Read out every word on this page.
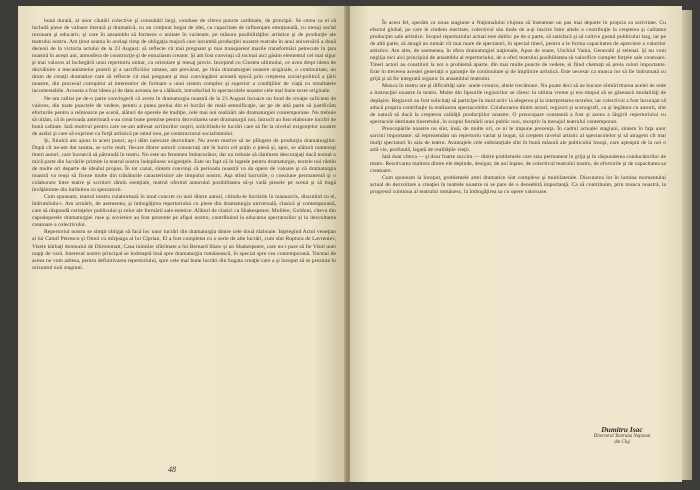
bunǎ durată, al unor căutări colective şi consultări largi, conduse de citeva puncte cardinale, de principii. Se cerea ca el să includă piese de valoare literară şi dramatică, cu un conţinut bogat de idei, cu capacitate de influenţare emoţională, cu mesaj social rezonant şi educativ, şi care în ansamblu să formeze o unitate în varietate, pe măsura posibilităţilor artistice şi de producţie ale teatrului nostru. Am ţinut seama în acelaşi timp de obligaţia majoră care incumbă producţiei noastre teatrale în anul aniversării a două decenii de la victoria actului de la 23 August: să reflecte cit mai pregnant şi mai transparent marile transformări petrecute în ţara noastră în aceşti ani, atmosfera de construcţie şi de entuziasm creator. Şi am fost convinşi că tocmai aici găsim elementul cel mai sigur şi mai valoros al închegării unui repertoriu unitar, cu orientare şi mesaj precis. Incepind cu Cinstea ultimului, ce avea drept ideea de dezvăluire a mecanismelor puterii şi a sacrificiilor umane, am prevăzut, pe linia dramaturgiei noastre originale, o continuitate, un drum de creaţii dramatice care să reflecte cit mai pregnant şi mai convingător această epocă prin creşterea social-politică a ţării noastre, din procesul cotropitor al intereselor de formare a unui sistem complex şi superior a condiţiilor de viaţă cu rezultatele incontestabile. Aceasta a fost ideea şi de data aceasta ne-a călăuzit, introducînd în spectacolele noastre cele mai bune texte originale.

Ne-am ralliat pe de-o parte convingerii că avem în dramaturgia noastră de la 23 August încoace un fond de creaţie suficient de valoros, din toate punctele de vedere, pentru a putea prelua din el lucrări de reală semnificaţie, iar pe de altă parte să justificăm eforturile pentru a reîntoarce pe scenă, alături de operele de tradiţie, cele mai noi realizări ale dramaturgiei contemporane. Nu trebuie să uităm, că în perioada anterioară s-au creat bune premise pentru dezvoltarea unei dramaturgii noi, întrucît au fost elaborate lucrări de bună calitate. Iată motivul pentru care ne-am adresat scriitorilor noştri, solicitîndu-le lucrări care să fie la nivelul exigenţelor noastre de astăzi şi care să exprime cu forţă artistică pe omul nou, pe constructorul socialismului.

Şi, fiindcă am ajuns la acest punct, aş-i dăm oarecare dezvoltare. Nu avem motive să ne plîngem de producţia dramaturgilor. Dupǎ cît ne-am dat seama, se scrie mult, fiecare dintre autorii consacraţi are în lucru cel puţin o piesă şi, apoi, se alătură numeroşi tineri autori, care încearcă să pătrundă în teatru. Nu este un fenomen îmbucurător, dar nu trebuie să rămînem descurajaţi dacă numai o mică parte din lucrările primite la teatrul nostru îndeplinesc exigenţele. Este un fapt că în luptele pentru dramaturgie, textele noi rămîn de multe ori departe de idealul propus. În tot cazul, sîntem convinşi că perioada noastră va da opere de valoare şi că dramaturgia noastră va reuşi să fixeze multe din trăsăturile caracteristice ale timpului nostru. Aşa stînd lucrurile, o coeziune permanentă şi o colaborare între teatre şi scriitori rămîn esenţiale, teatrul oferind autorului posibilitatea să-şi vadă piesele pe scenă şi să tragă învăţăminte din întîlnirea cu spectatorii.

Cum spuneam, teatrul nostru colaborează în mod concret cu unii dintre autori, citindu-le lucrările în manuscris, discutînd cu ei, îndrumîndu-i. Am urmărit, de asemenea, şi îmbogăţirea repertoriului cu piese din dramaturgia universală, clasică şi contemporană, care să răspundă cerinţelor publicului şi celor ale formării sale estetice. Alături de clasici ca Shakespeare, Molière, Goldoni, cîteva din capodoperele dramaturgiei ruse şi sovietice au fost prezente pe afişul nostru, contribuind la educarea spectatorilor şi la dezvoltarea creatoare a colectivului.

Repertoriul nostru se simţit obligat să facă loc unor lucrări din dramaturgia dintre cele două războaie. Inţelegînd Actul veneţian al lui Camil Petrescu şi Omul cu mîrţoaga al lui Ciprian, El a fost completat cu o serie de alte lucrări, cum sînt Ruptura de Lavreniev, Visele bărbaţi domnului de Dürrenmatt, Casa inimilor sfărîmate a lui Bernard Shaw şi un Shakespeare, care nu-i pare să fie Visul unei nopţi de vară. Interesul nostru principal se îndreaptă însă spre dramaturgia românească, în special spre cea contemporană. Tocmai de aceea ne vom adresa, pentru definitivarea repertoriului, spre cele mai bune lucrări din bogata creaţie care a şi început să se prezinte în orizontul noii stagiuni.

48

În acest fel, sperăm ca noua stagiune a Naţionalului clujean să înseamne un pas mai departe în propria sa activitate. Cu efectul global, pe care le credem meritate, colectivul său tinde de a-şi înscrie între altele o contribuţie la creşterea şi calitatea producţiei sale artistice. Scopul repertoriului actual este dublu: pe de o parte, să satisfacă şi să cultive gustul publicului larg, iar pe de altă parte, să atragă un număr cît mai mare de spectatori, în special tineri, pentru a le forma capacitatea de apreciere a valorilor artistice. Am ales, de asemenea, în sfera dramaturgiei naţionale, Apus de soare, Unchiul Vania, Generalii şi selenal. Şi nu vom neglija nici aici principiul de ansamblu al repertoriului, de a oferi teatrului posibilitatea să valorifice complet forţele sale creatoare. Tineri actori au constituit la noi o problemă aparte, dîn mai multe puncte de vedere, ei fiind chemaţi să preia roluri importante. Este în trecerea acestei generaţii o garanţie de continuitate şi de împlinire artistică. Este necesar ca munca lor să fie îndrumată cu grijă şi să fie integrată organic în ansamblul teatrului.

Munca în teatru are şi dificultăţi sale: unele cronice, altele trecătoare. Nu poate deci să ne bucure nîmiîrirtrarea acelei de rede a instrucţiei noastre în teatru. Multe din lipsurile regizorilor se răresc în ultima vreme şi era timpul să se găsească modalităţi de depăşire. Regizorii au fost solicitaţi să participe în mod activ la alegerea şi la interpretarea textelor, iar colectivul a fost încurajat să aducă propria contribuţie la realizarea spectacolelor. Colaborarea dintre actori, regizori şi scenografi, ca şi legătura cu autorii, sînt de natură să ducă la creşterea calităţii producţiilor noastre. O preocupare constantă a fost şi aceea a lărgirii repertoriului cu spectacole destinate tineretului, în scopul formării unui public nou, receptiv la mesajul teatrului contemporan.

Preocupările noastre nu sînt, însă, de multe ori, ce ni le impune prezenţa. În cadrul actualei stagiuni, sîntem în faţa unor sarcini importante: să reprezentăm un repertoriu variat şi bogat, să creştem nivelul artistic al spectacolelor şi să atragem cît mai mulţi spectatori în sala de teatru. Avantajele cele substanţiale sînt în bună măsură ale publicului însuşi, care aşteaptă de la noi o artă vie, profundă, legată de realităţile vieţii.

Iată doar cîteva — şi doar foarte succint — dintre problemele care stau permanent în grija şi în răspunderea conducătorilor de teatre. Rezolvarea multora dintre ele depinde, desigur, de noi înşine, de colectivul teatrului nostru, de eforturile şi de capacitatea sa creatoare.

Cum spuneam la început, problemele artei dramatice sînt complexe şi multilaterale. Discutarea lor în lumina momentului actual de dezvoltare a creaţiei în teatrele noastre ni se pare de o deosebită importanţă. Ca să contribuim, prin munca noastră, la progresul continuu al teatrului românesc, la îmbogăţirea sa cu opere valoroase.

Dumitru Isac
Directorul Teatrului Naţional
din Cluj
